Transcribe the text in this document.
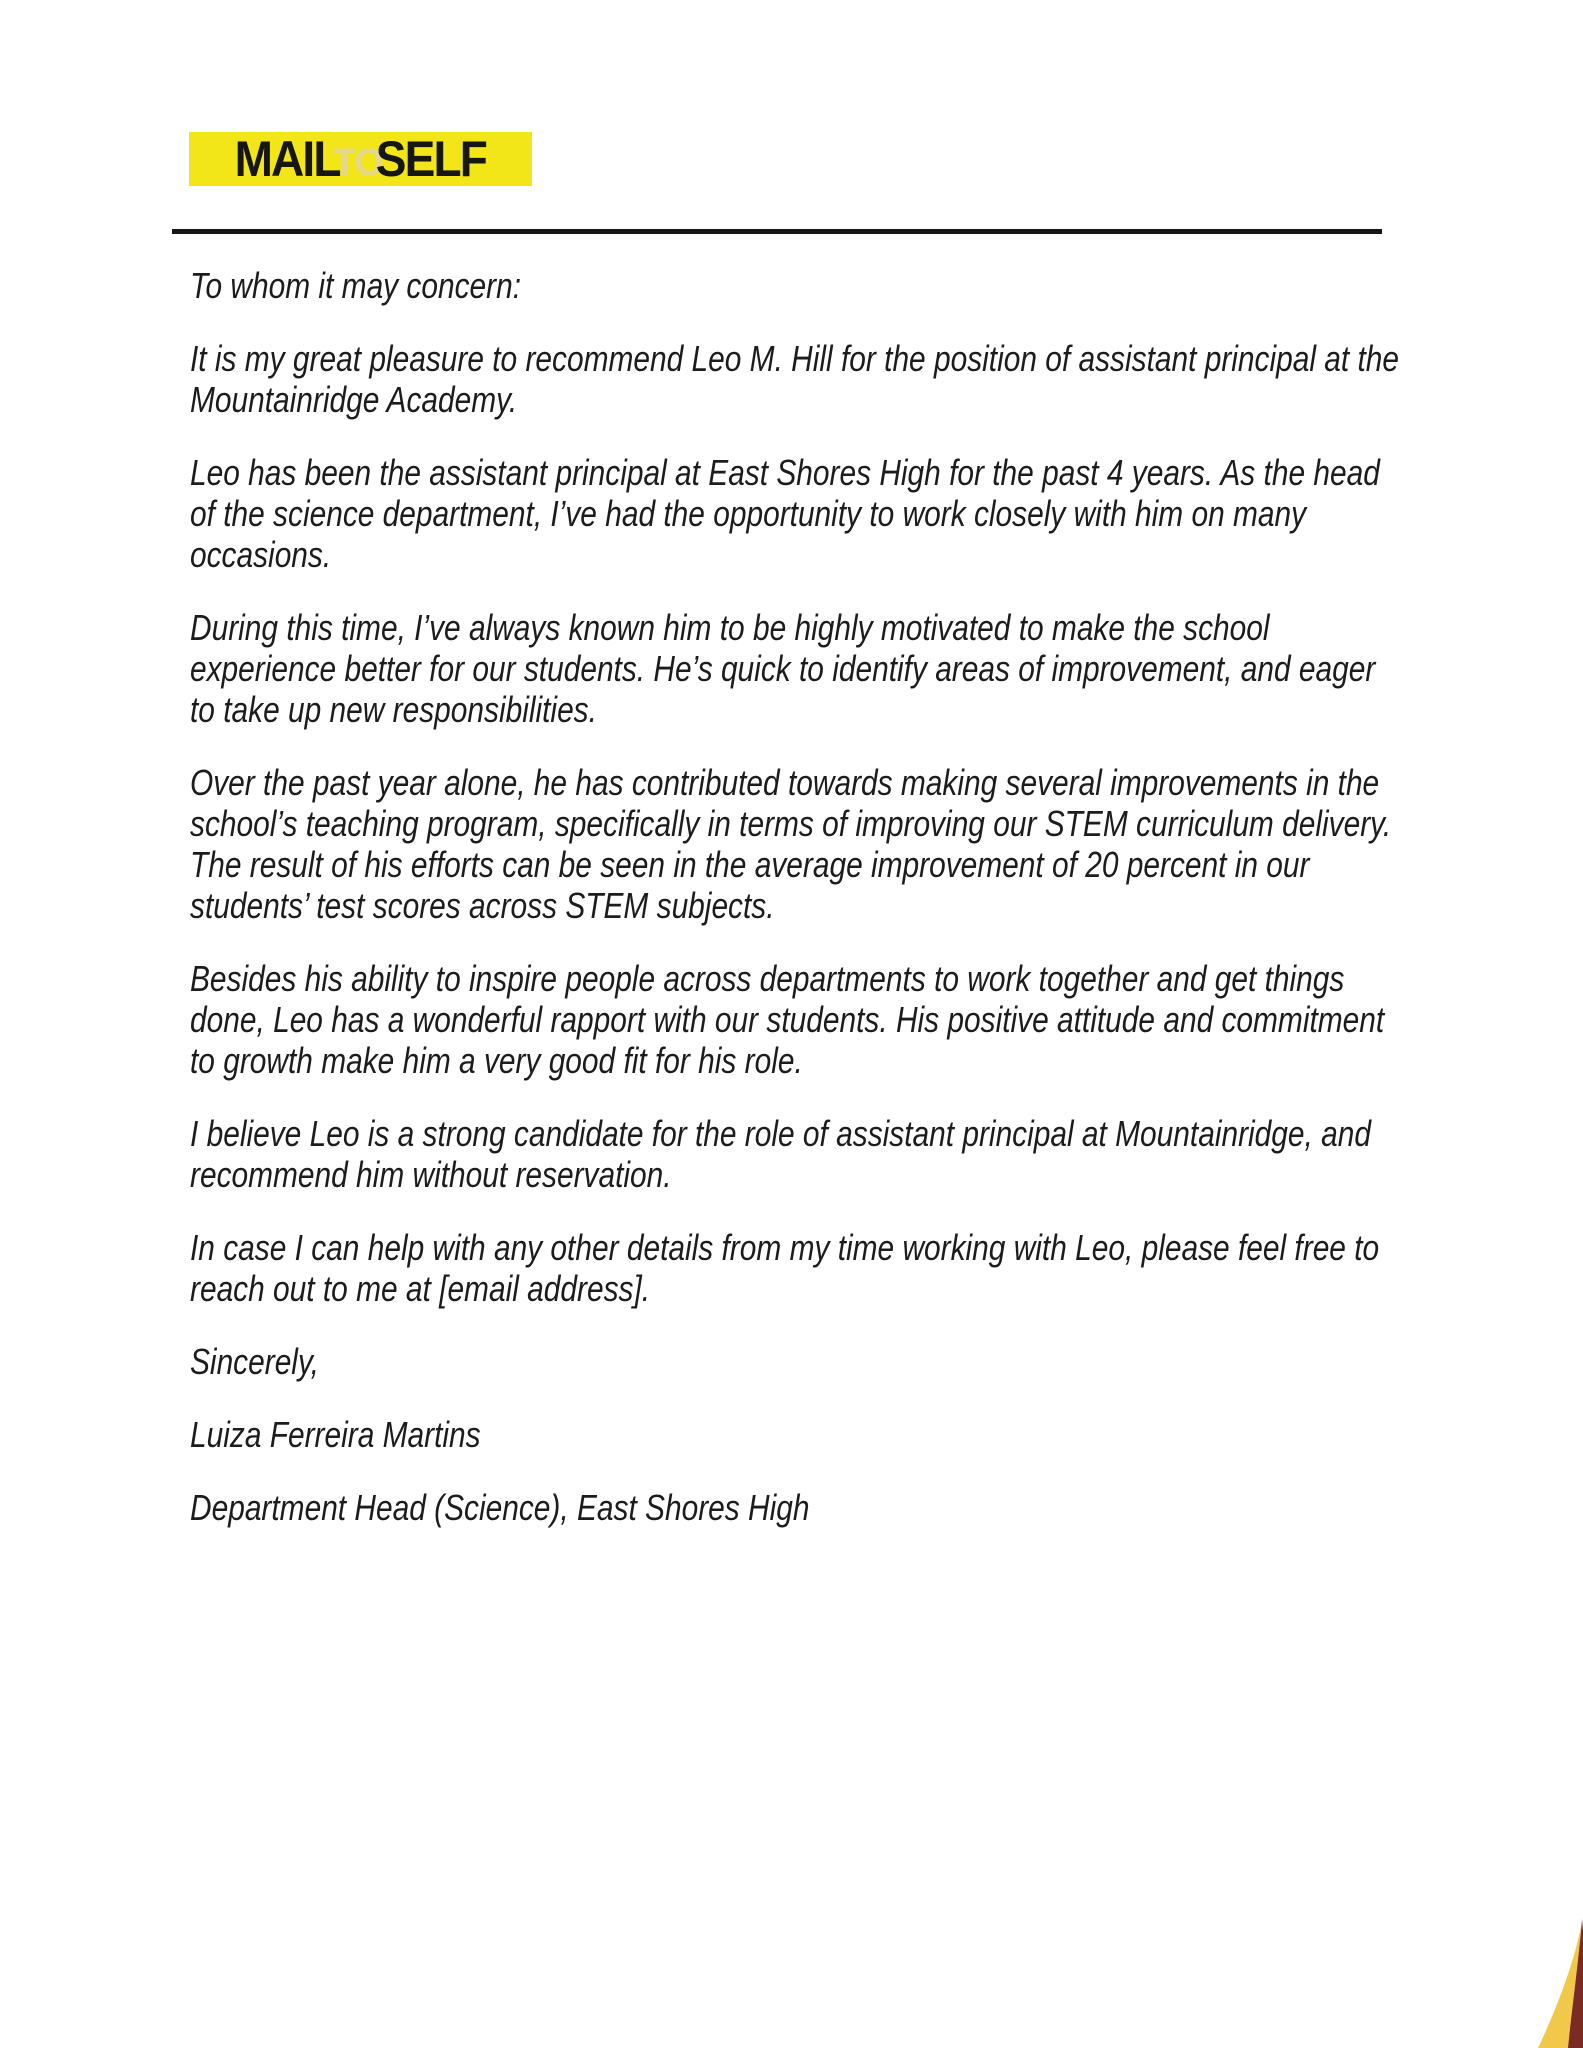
MAIL
TO
SELF

To whom it may concern:

It is my great pleasure to recommend Leo M. Hill for the position of assistant principal at the Mountainridge Academy.

Leo has been the assistant principal at East Shores High for the past 4 years. As the head of the science department, I’ve had the opportunity to work closely with him on many occasions.

During this time, I’ve always known him to be highly motivated to make the school experience better for our students. He’s quick to identify areas of improvement, and eager to take up new responsibilities.

Over the past year alone, he has contributed towards making several improvements in the school’s teaching program, specifically in terms of improving our STEM curriculum delivery. The result of his efforts can be seen in the average improvement of 20 percent in our students’ test scores across STEM subjects.

Besides his ability to inspire people across departments to work together and get things done, Leo has a wonderful rapport with our students. His positive attitude and commitment to growth make him a very good fit for his role.

I believe Leo is a strong candidate for the role of assistant principal at Mountainridge, and recommend him without reservation.

In case I can help with any other details from my time working with Leo, please feel free to reach out to me at [email address].

Sincerely,

Luiza Ferreira Martins

Department Head (Science), East Shores High
